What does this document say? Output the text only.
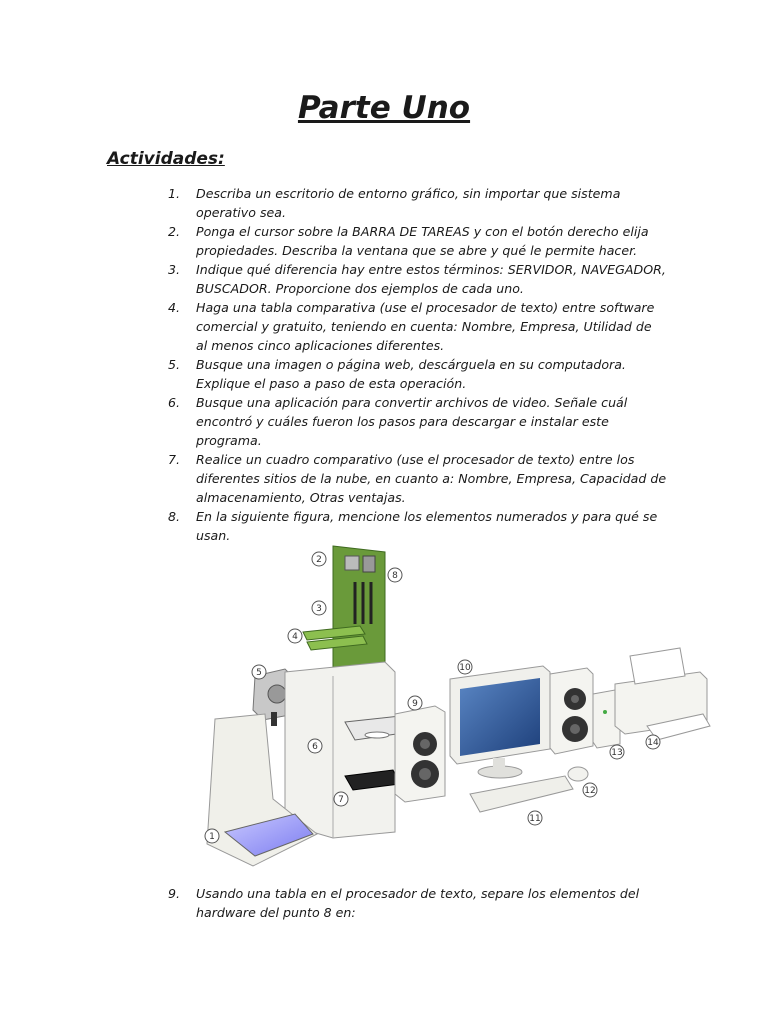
Parte Uno
Actividades:
1.	Describa un escritorio de entorno gráfico, sin importar que sistema
operativo sea.
2.	Ponga el cursor sobre la BARRA DE TAREAS y con el botón derecho elija
propiedades. Describa la ventana que se abre y qué le permite hacer.
3.	Indique qué diferencia hay entre estos términos: SERVIDOR, NAVEGADOR,
BUSCADOR. Proporcione dos ejemplos de cada uno.
4.	Haga una tabla comparativa (use el procesador de texto) entre software
comercial y gratuito, teniendo en cuenta: Nombre, Empresa, Utilidad de
al menos cinco aplicaciones diferentes.
5.	Busque una imagen o página web, descárguela en su computadora.
Explique el paso a paso de esta operación.
6.	Busque una aplicación para convertir archivos de video. Señale cuál
encontró y cuáles fueron los pasos para descargar e instalar este
programa.
7.	Realice un cuadro comparativo (use el procesador de texto) entre los
diferentes sitios de la nube, en cuanto a: Nombre, Empresa, Capacidad de
almacenamiento, Otras ventajas.
8.	En la siguiente figura, mencione los elementos numerados y para qué se
usan.
2
8
3
4
5	10
9
6
7
1
13
14
12
11
9.	Usando una tabla en el procesador de texto, separe los elementos del
hardware del punto 8 en:
